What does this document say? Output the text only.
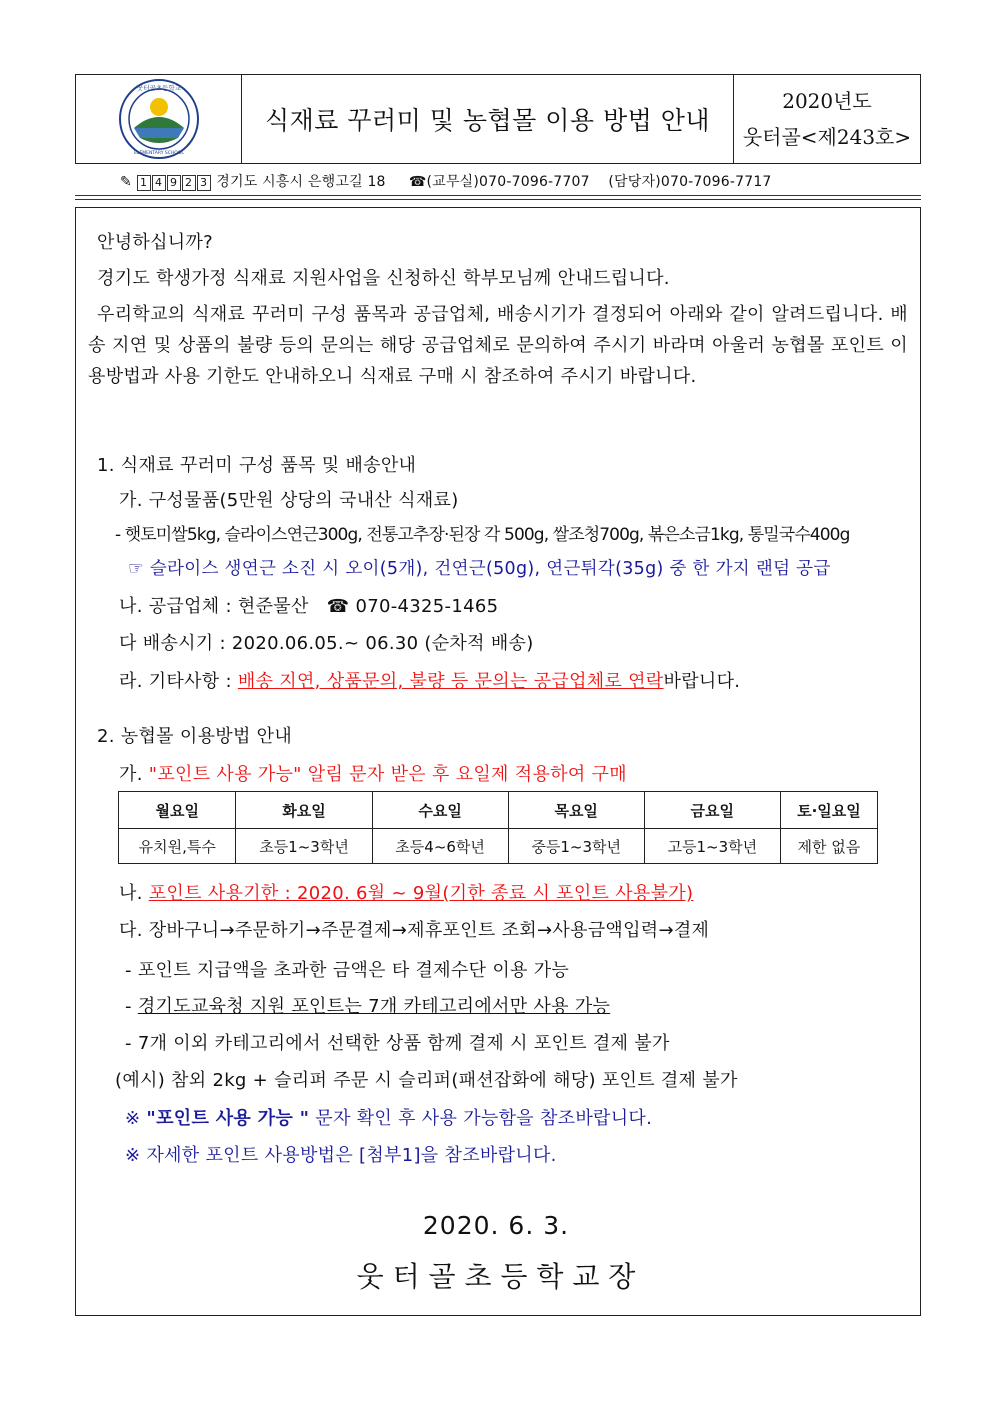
웃터골초등학교
ELEMENTARY SCHOOL
식재료 꾸러미 및 농협몰 이용 방법 안내
2020년도
웃터골<제243호>
✎ 1 4 9 2 3 경기도 시흥시 은행고길 18 ☎(교무실)070-7096-7707 (담당자)070-7096-7717
안녕하십니까?
경기도 학생가정 식재료 지원사업을 신청하신 학부모님께 안내드립니다.
우리학교의 식재료 꾸러미 구성 품목과 공급업체, 배송시기가 결정되어 아래와 같이 알려드립니다. 배송 지연 및 상품의 불량 등의 문의는 해당 공급업체로 문의하여 주시기 바라며 아울러 농협몰 포인트 이용방법과 사용 기한도 안내하오니 식재료 구매 시 참조하여 주시기 바랍니다.
1. 식재료 꾸러미 구성 품목 및 배송안내
가. 구성물품(5만원 상당의 국내산 식재료)
- 햇토미쌀5kg, 슬라이스연근300g, 전통고추장·된장 각 500g, 쌀조청700g, 볶은소금1kg, 통밀국수400g
☞ 슬라이스 생연근 소진 시 오이(5개), 건연근(50g), 연근튀각(35g) 중 한 가지 랜덤 공급
나. 공급업체 : 현준물산 ☎ 070-4325-1465
다 배송시기 : 2020.06.05.~ 06.30 (순차적 배송)
라. 기타사항 : 배송 지연, 상품문의, 불량 등 문의는 공급업체로 연락바랍니다.
2. 농협몰 이용방법 안내
가. "포인트 사용 가능" 알림 문자 받은 후 요일제 적용하여 구매
월요일	화요일	수요일	목요일	금요일	토·일요일
유치원,특수	초등1~3학년	초등4~6학년	중등1~3학년	고등1~3학년	제한 없음
나. 포인트 사용기한 : 2020. 6월 ~ 9월(기한 종료 시 포인트 사용불가)
다. 장바구니→주문하기→주문결제→제휴포인트 조회→사용금액입력→결제
- 포인트 지급액을 초과한 금액은 타 결제수단 이용 가능
- 경기도교육청 지원 포인트는 7개 카테고리에서만 사용 가능
- 7개 이외 카테고리에서 선택한 상품 함께 결제 시 포인트 결제 불가
(예시) 참외 2kg + 슬리퍼 주문 시 슬리퍼(패션잡화에 해당) 포인트 결제 불가
※ "포인트 사용 가능 " 문자 확인 후 사용 가능함을 참조바랍니다.
※ 자세한 포인트 사용방법은 [첨부1]을 참조바랍니다.
2020. 6. 3.
웃 터 골 초 등 학 교 장
